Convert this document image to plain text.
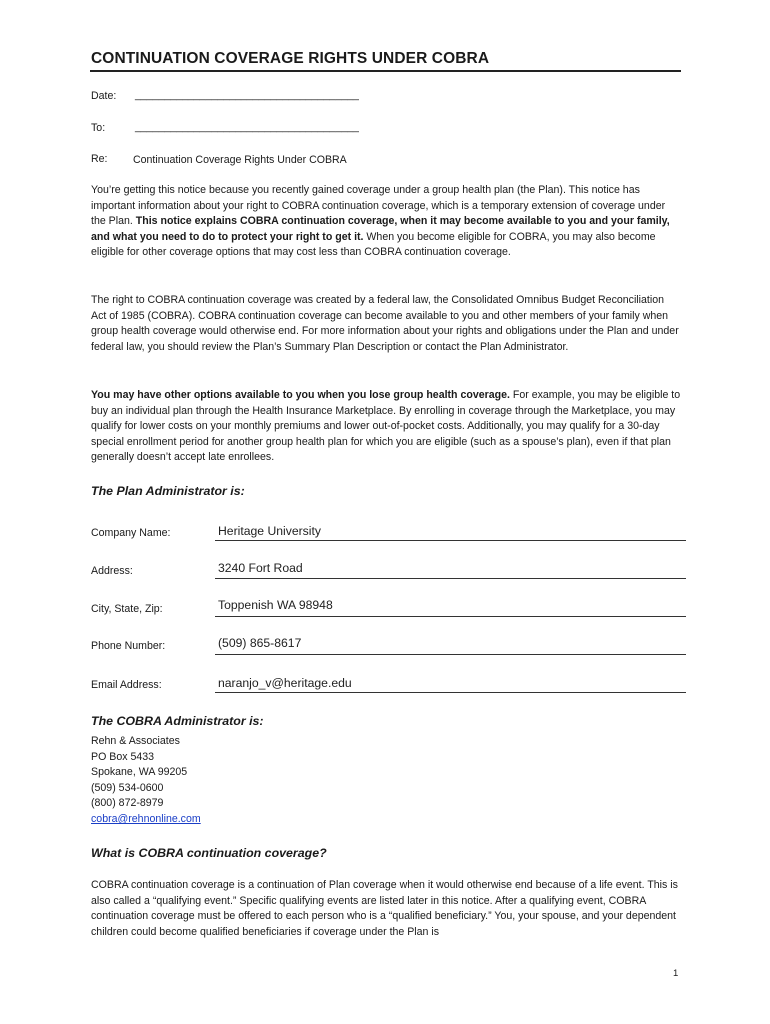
CONTINUATION COVERAGE RIGHTS UNDER COBRA
Date: ______________________________________
To:	______________________________________
Re: Continuation Coverage Rights Under COBRA
You’re getting this notice because you recently gained coverage under a group health plan (the Plan). This notice has important information about your right to COBRA continuation coverage, which is a temporary extension of coverage under the Plan. This notice explains COBRA continuation coverage, when it may become available to you and your family, and what you need to do to protect your right to get it. When you become eligible for COBRA, you may also become eligible for other coverage options that may cost less than COBRA continuation coverage.
The right to COBRA continuation coverage was created by a federal law, the Consolidated Omnibus Budget Reconciliation Act of 1985 (COBRA). COBRA continuation coverage can become available to you and other members of your family when group health coverage would otherwise end. For more information about your rights and obligations under the Plan and under federal law, you should review the Plan’s Summary Plan Description or contact the Plan Administrator.
You may have other options available to you when you lose group health coverage. For example, you may be eligible to buy an individual plan through the Health Insurance Marketplace. By enrolling in coverage through the Marketplace, you may qualify for lower costs on your monthly premiums and lower out-of-pocket costs. Additionally, you may qualify for a 30-day special enrollment period for another group health plan for which you are eligible (such as a spouse’s plan), even if that plan generally doesn’t accept late enrollees.
The Plan Administrator is:
Company Name:	Heritage University
Address:	3240 Fort Road
City, State, Zip:	Toppenish WA 98948
Phone Number:	(509) 865-8617
Email Address:	naranjo_v@heritage.edu
The COBRA Administrator is:
Rehn & Associates
PO Box 5433
Spokane, WA 99205
(509) 534-0600
(800) 872-8979
cobra@rehnonline.com
What is COBRA continuation coverage?
COBRA continuation coverage is a continuation of Plan coverage when it would otherwise end because of a life event. This is also called a “qualifying event.” Specific qualifying events are listed later in this notice. After a qualifying event, COBRA continuation coverage must be offered to each person who is a “qualified beneficiary.” You, your spouse, and your dependent children could become qualified beneficiaries if coverage under the Plan is
1
